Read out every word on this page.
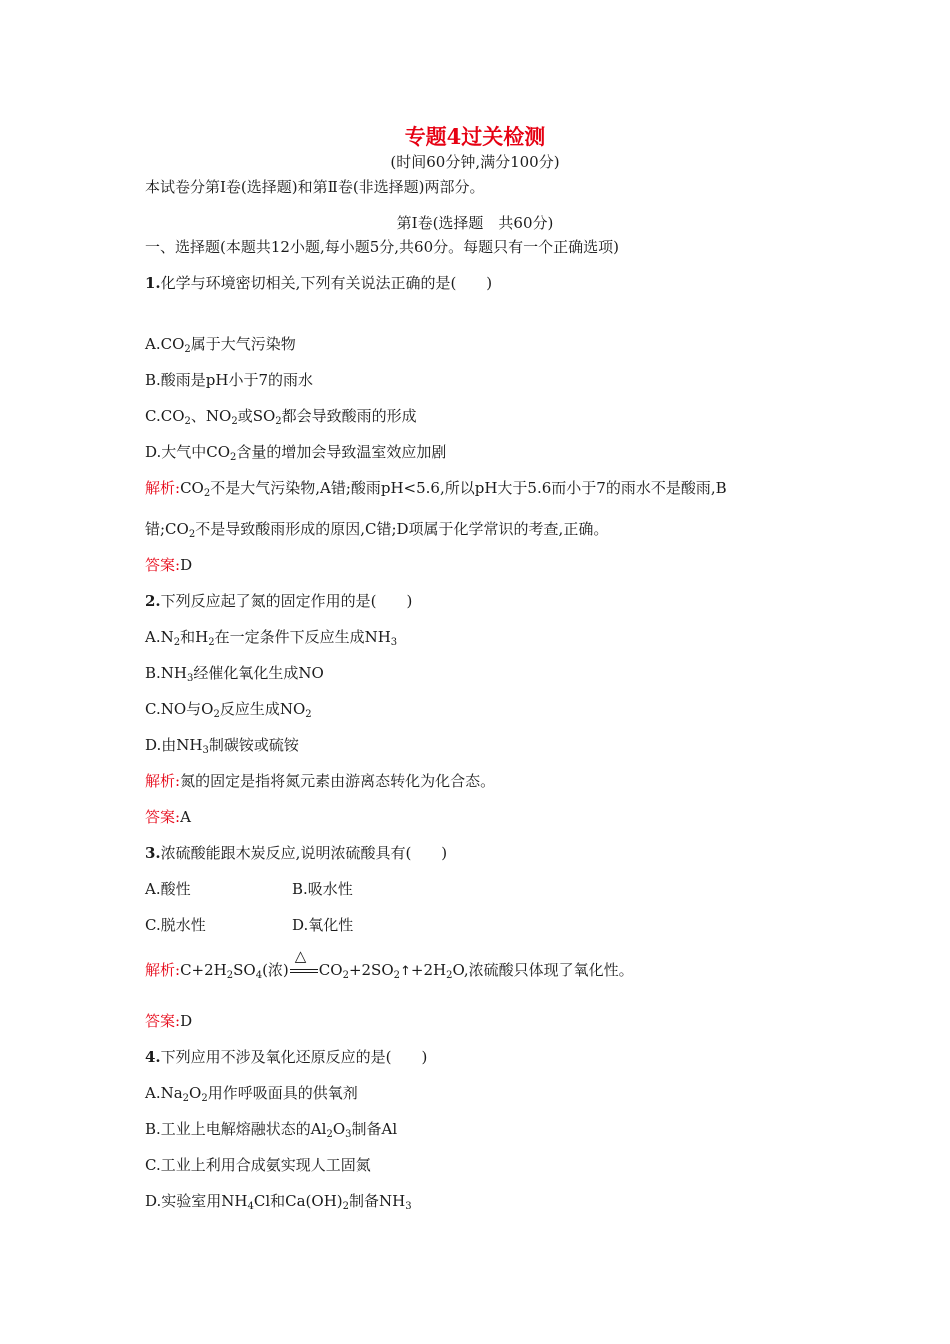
专题4过关检测
(时间60分钟,满分100分)
本试卷分第Ⅰ卷(选择题)和第Ⅱ卷(非选择题)两部分。
第Ⅰ卷(选择题　共60分)
一、选择题(本题共12小题,每小题5分,共60分。每题只有一个正确选项)
1.化学与环境密切相关,下列有关说法正确的是(　　)
$A.CO_2$属于大气污染物
B.酸雨是pH小于7的雨水
$C.CO_2$、$NO_2$或$SO_2$都会导致酸雨的形成
D.大气中$CO_2$含量的增加会导致温室效应加剧
解析$:CO_2$不是大气污染物,A错;酸雨pH<5.6,所以pH大于5.6而小于7的雨水不是酸雨,B
错$;CO_2$不是导致酸雨形成的原因,C错;D项属于化学常识的考查,正确。
答案:D
2.下列反应起了氮的固定作用的是(　　)
$A.N_2$和$H_2$在一定条件下反应生成$NH_3$
$B.NH_3$经催化氧化生成NO
C.NO与$O_2$反应生成$NO_2$
D.由$NH_3$制碳铵或硫铵
解析:氮的固定是指将氮元素由游离态转化为化合态。
答案:A
3.浓硫酸能跟木炭反应,说明浓硫酸具有(　　)
A.酸性	B.吸水性
C.脱水性	D.氧化性
解析$:C+2H_2SO_4$(浓)
△
$CO_2+2SO_2↑+2H_2O$,浓硫酸只体现了氧化性。
答案:D
4.下列应用不涉及氧化还原反应的是(　　)
$A.Na_2O_2$用作呼吸面具的供氧剂
B.工业上电解熔融状态的$Al_2O_3$制备Al
C.工业上利用合成氨实现人工固氮
D.实验室用$NH_4Cl$和$Ca(OH)_2$制备$NH_3$
